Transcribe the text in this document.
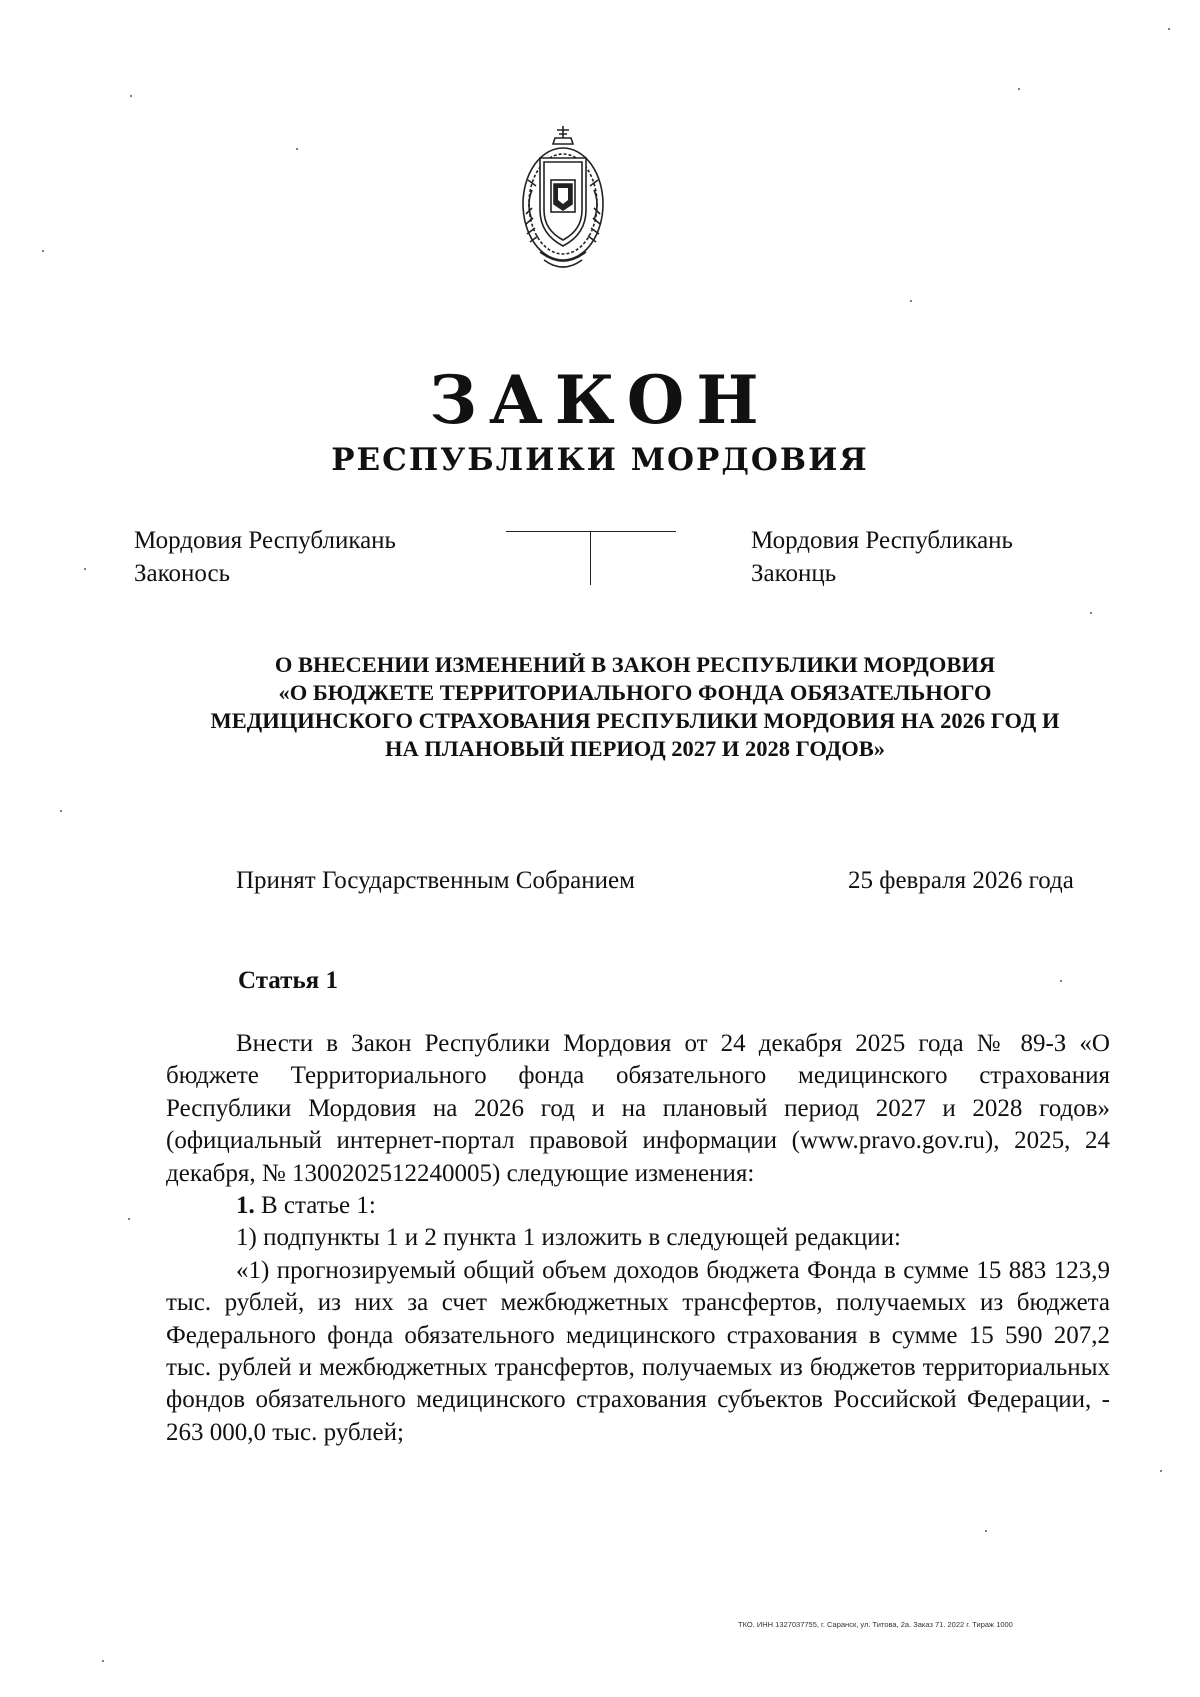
ЗАКОН
РЕСПУБЛИКИ МОРДОВИЯ
Мордовия Республикань
Законось
Мордовия Республикань
Законць
О ВНЕСЕНИИ ИЗМЕНЕНИЙ В ЗАКОН РЕСПУБЛИКИ МОРДОВИЯ
«О БЮДЖЕТЕ ТЕРРИТОРИАЛЬНОГО ФОНДА ОБЯЗАТЕЛЬНОГО
МЕДИЦИНСКОГО СТРАХОВАНИЯ РЕСПУБЛИКИ МОРДОВИЯ НА 2026 ГОД И
НА ПЛАНОВЫЙ ПЕРИОД 2027 И 2028 ГОДОВ»
Принят Государственным Собранием	25 февраля 2026 года
Статья 1

Внести в Закон Республики Мордовия от 24 декабря 2025 года № 89-З «О бюджете Территориального фонда обязательного медицинского страхования Республики Мордовия на 2026 год и на плановый период 2027 и 2028 годов» (официальный интернет-портал правовой информации (www.pravo.gov.ru), 2025, 24 декабря, № 1300202512240005) следующие изменения:

1. В статье 1:

1) подпункты 1 и 2 пункта 1 изложить в следующей редакции:

«1) прогнозируемый общий объем доходов бюджета Фонда в сумме 15 883 123,9 тыс. рублей, из них за счет межбюджетных трансфертов, получаемых из бюджета Федерального фонда обязательного медицинского страхования в сумме 15 590 207,2 тыс. рублей и межбюджетных трансфертов, получаемых из бюджетов территориальных фондов обязательного медицинского страхования субъектов Российской Федерации, - 263 000,0 тыс. рублей;

ТКО. ИНН 1327037755, г. Саранск, ул. Титова, 2а. Заказ 71. 2022 г. Тираж 1000
